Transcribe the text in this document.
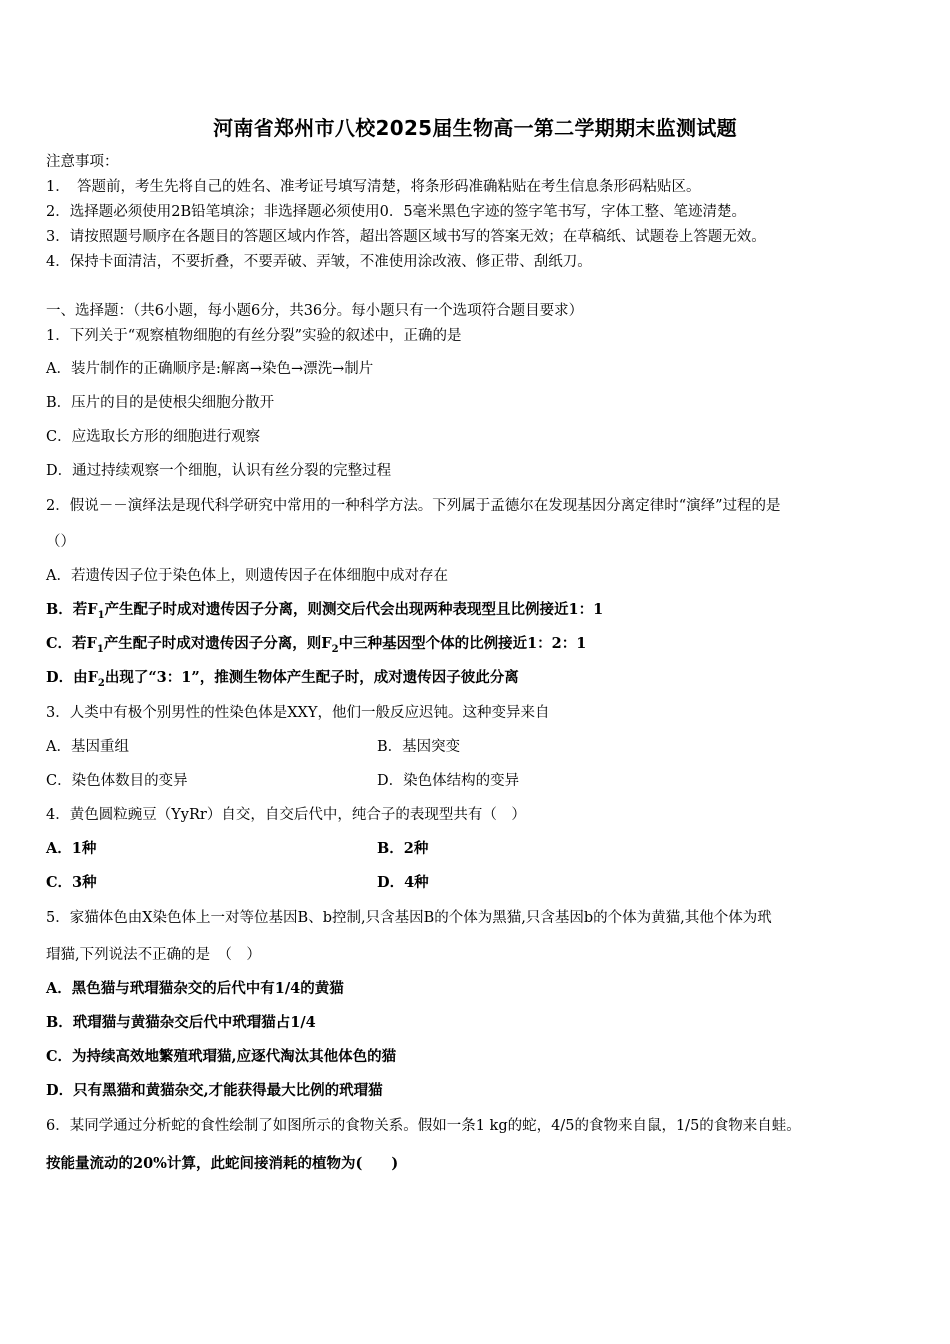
河南省郑州市八校2025届生物高一第二学期期末监测试题
注意事项：
1．　答题前，考生先将自己的姓名、准考证号填写清楚，将条形码准确粘贴在考生信息条形码粘贴区。
2．选择题必须使用2B铅笔填涂；非选择题必须使用0．5毫米黑色字迹的签字笔书写，字体工整、笔迹清楚。
3．请按照题号顺序在各题目的答题区域内作答，超出答题区域书写的答案无效；在草稿纸、试题卷上答题无效。
4．保持卡面清洁，不要折叠，不要弄破、弄皱，不准使用涂改液、修正带、刮纸刀。
一、选择题：（共6小题，每小题6分，共36分。每小题只有一个选项符合题目要求）
1．下列关于“观察植物细胞的有丝分裂”实验的叙述中，正确的是
A．装片制作的正确顺序是:解离→染色→漂洗→制片
B．压片的目的是使根尖细胞分散开
C．应选取长方形的细胞进行观察
D．通过持续观察一个细胞，认识有丝分裂的完整过程
2．假说－－演绎法是现代科学研究中常用的一种科学方法。下列属于孟德尔在发现基因分离定律时“演绎”过程的是
（）
A．若遗传因子位于染色体上，则遗传因子在体细胞中成对存在
B．若$F_1$产生配子时成对遗传因子分离，则测交后代会出现两种表现型且比例接近1：1
C．若$F_1$产生配子时成对遗传因子分离，则$F_2$中三种基因型个体的比例接近1：2：1
D．由$F_2$出现了“3：1”，推测生物体产生配子时，成对遗传因子彼此分离
3．人类中有极个别男性的性染色体是XXY，他们一般反应迟钝。这种变异来自
A．基因重组	B．基因突变
C．染色体数目的变异	D．染色体结构的变异
4．黄色圆粒豌豆（YyRr）自交，自交后代中，纯合子的表现型共有（　）
A．1种	B．2种
C．3种	D．4种
5．家猫体色由X染色体上一对等位基因B、b控制,只含基因B的个体为黑猫,只含基因b的个体为黄猫,其他个体为玳
瑁猫,下列说法不正确的是　（　）
A．黑色猫与玳瑁猫杂交的后代中有1/4的黄猫
B．玳瑁猫与黄猫杂交后代中玳瑁猫占1/4
C．为持续高效地繁殖玳瑁猫,应逐代淘汰其他体色的猫
D．只有黑猫和黄猫杂交,才能获得最大比例的玳瑁猫
6．某同学通过分析蛇的食性绘制了如图所示的食物关系。假如一条1 kg的蛇，4/5的食物来自鼠，1/5的食物来自蛙。
按能量流动的20%计算，此蛇间接消耗的植物为(　　)
